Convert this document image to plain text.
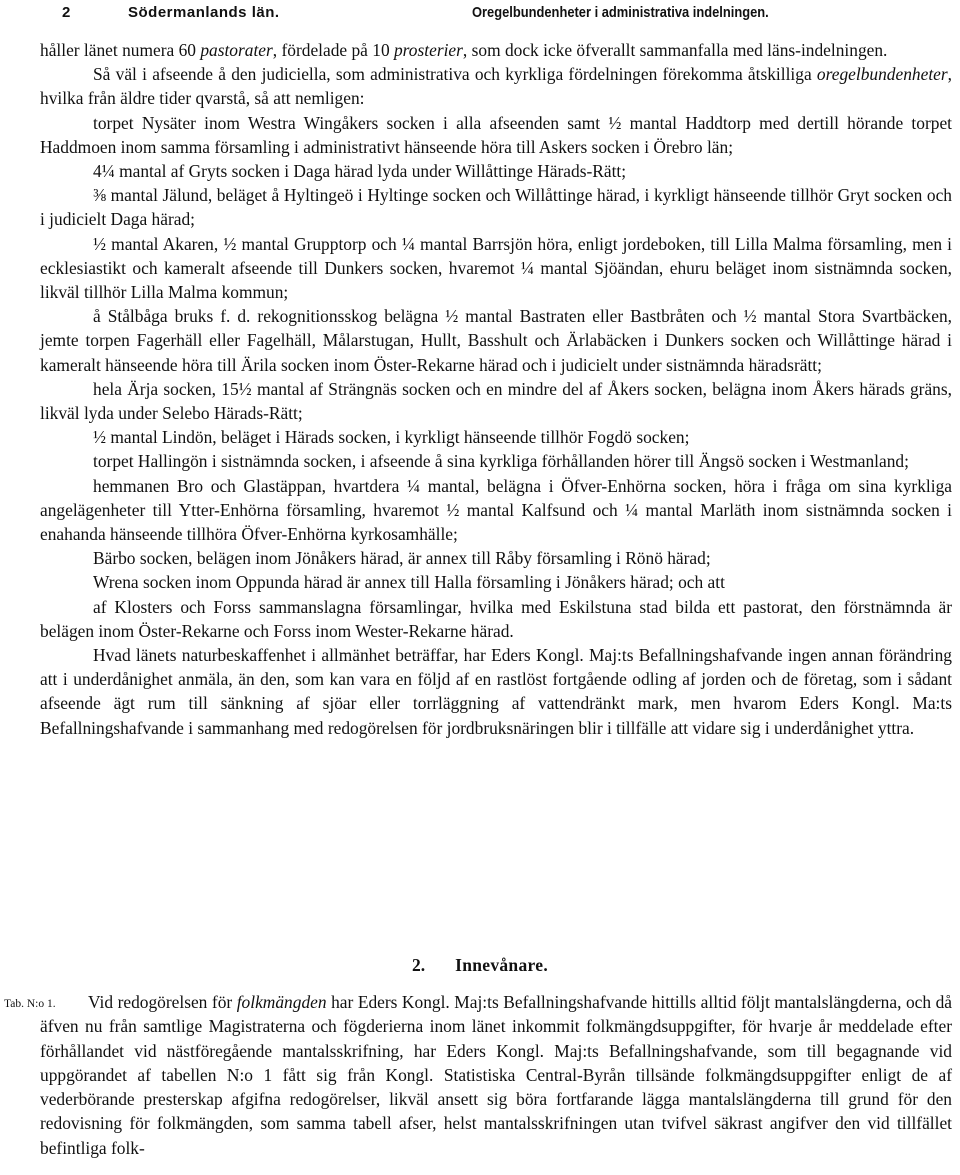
2	Södermanlands län.	Oregelbundenheter i administrativa indelningen.

håller länet numera 60 pastorater, fördelade på 10 prosterier, som dock icke öfverallt sammanfalla med läns-indelningen.

Så väl i afseende å den judiciella, som administrativa och kyrkliga fördelningen förekomma åtskilliga oregelbundenheter, hvilka från äldre tider qvarstå, så att nemligen:

torpet Nysäter inom Westra Wingåkers socken i alla afseenden samt ½ mantal Haddtorp med dertill hörande torpet Haddmoen inom samma församling i administrativt hänseende höra till Askers socken i Örebro län;

4¼ mantal af Gryts socken i Daga härad lyda under Willåttinge Härads-Rätt;

⅜ mantal Jälund, beläget å Hyltingeö i Hyltinge socken och Willåttinge härad, i kyrkligt hänseende tillhör Gryt socken och i judicielt Daga härad;

½ mantal Akaren, ½ mantal Grupptorp och ¼ mantal Barrsjön höra, enligt jordeboken, till Lilla Malma församling, men i ecklesiastikt och kameralt afseende till Dunkers socken, hvaremot ¼ mantal Sjöändan, ehuru beläget inom sistnämnda socken, likväl tillhör Lilla Malma kommun;

å Stålbåga bruks f. d. rekognitionsskog belägna ½ mantal Bastraten eller Bastbråten och ½ mantal Stora Svartbäcken, jemte torpen Fagerhäll eller Fagelhäll, Målarstugan, Hullt, Basshult och Ärlabäcken i Dunkers socken och Willåttinge härad i kameralt hänseende höra till Ärila socken inom Öster-Rekarne härad och i judicielt under sistnämnda häradsrätt;

hela Ärja socken, 15½ mantal af Strängnäs socken och en mindre del af Åkers socken, belägna inom Åkers härads gräns, likväl lyda under Selebo Härads-Rätt;

½ mantal Lindön, beläget i Härads socken, i kyrkligt hänseende tillhör Fogdö socken;

torpet Hallingön i sistnämnda socken, i afseende å sina kyrkliga förhållanden hörer till Ängsö socken i Westmanland;

hemmanen Bro och Glastäppan, hvartdera ¼ mantal, belägna i Öfver-Enhörna socken, höra i fråga om sina kyrkliga angelägenheter till Ytter-Enhörna församling, hvaremot ½ mantal Kalfsund och ¼ mantal Marläth inom sistnämnda socken i enahanda hänseende tillhöra Öfver-Enhörna kyrkosamhälle;

Bärbo socken, belägen inom Jönåkers härad, är annex till Råby församling i Rönö härad;

Wrena socken inom Oppunda härad är annex till Halla församling i Jönåkers härad; och att

af Klosters och Forss sammanslagna församlingar, hvilka med Eskilstuna stad bilda ett pastorat, den förstnämnda är belägen inom Öster-Rekarne och Forss inom Wester-Rekarne härad.

Hvad länets naturbeskaffenhet i allmänhet beträffar, har Eders Kongl. Maj:ts Befallningshafvande ingen annan förändring att i underdånighet anmäla, än den, som kan vara en följd af en rastlöst fortgående odling af jorden och de företag, som i sådant afseende ägt rum till sänkning af sjöar eller torrläggning af vattendränkt mark, men hvarom Eders Kongl. Ma:ts Befallningshafvande i sammanhang med redogörelsen för jordbruksnäringen blir i tillfälle att vidare sig i underdånighet yttra.

2. Innevånare.
Tab. N:o 1.	Vid redogörelsen för folkmängden har Eders Kongl. Maj:ts Befallningshafvande hittills alltid följt mantalslängderna, och då äfven nu från samtlige Magistraterna och fögderierna inom länet inkommit folkmängdsuppgifter, för hvarje år meddelade efter förhållandet vid nästföregående mantalsskrifning, har Eders Kongl. Maj:ts Befallningshafvande, som till begagnande vid uppgörandet af tabellen N:o 1 fått sig från Kongl. Statistiska Central-Byrån tillsände folkmängdsuppgifter enligt de af vederbörande presterskap afgifna redogörelser, likväl ansett sig böra fortfarande lägga mantalslängderna till grund för den redovisning för folkmängden, som samma tabell afser, helst mantalsskrifningen utan tvifvel säkrast angifver den vid tillfället befintliga folk-
